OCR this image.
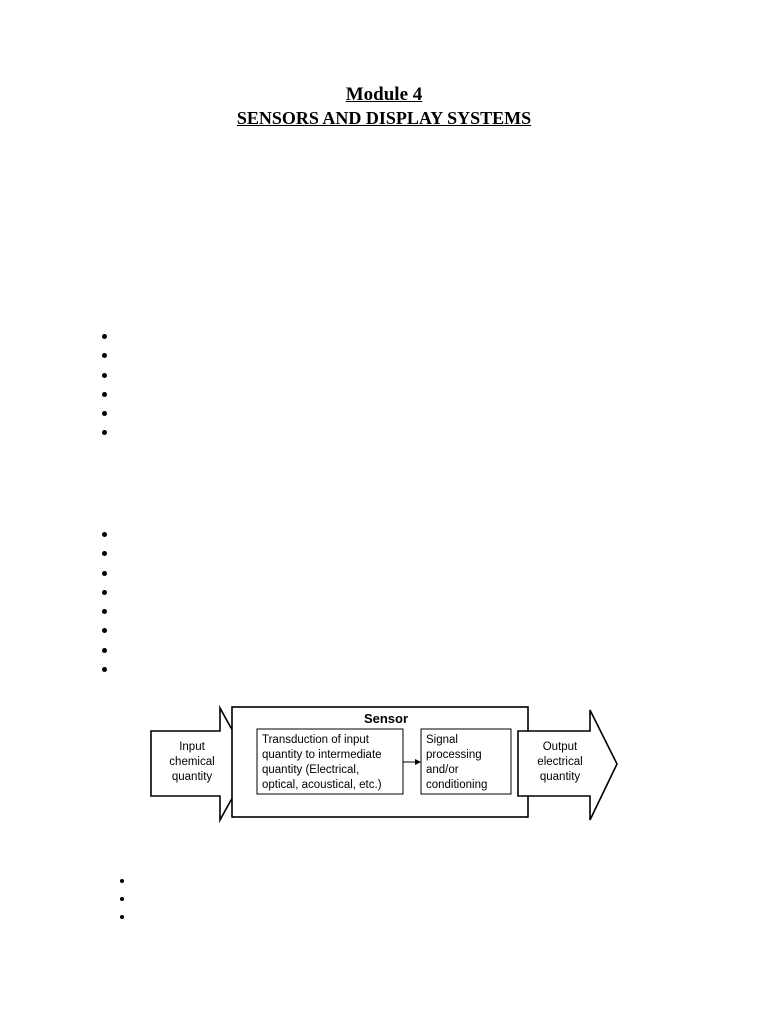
Module 4
SENSORS AND DISPLAY SYSTEMS
Sensor
Input
chemical
quantity
Output
electrical
quantity
Transduction of input
quantity to intermediate
quantity (Electrical,
optical, acoustical, etc.)
Signal
processing
and/or
conditioning
